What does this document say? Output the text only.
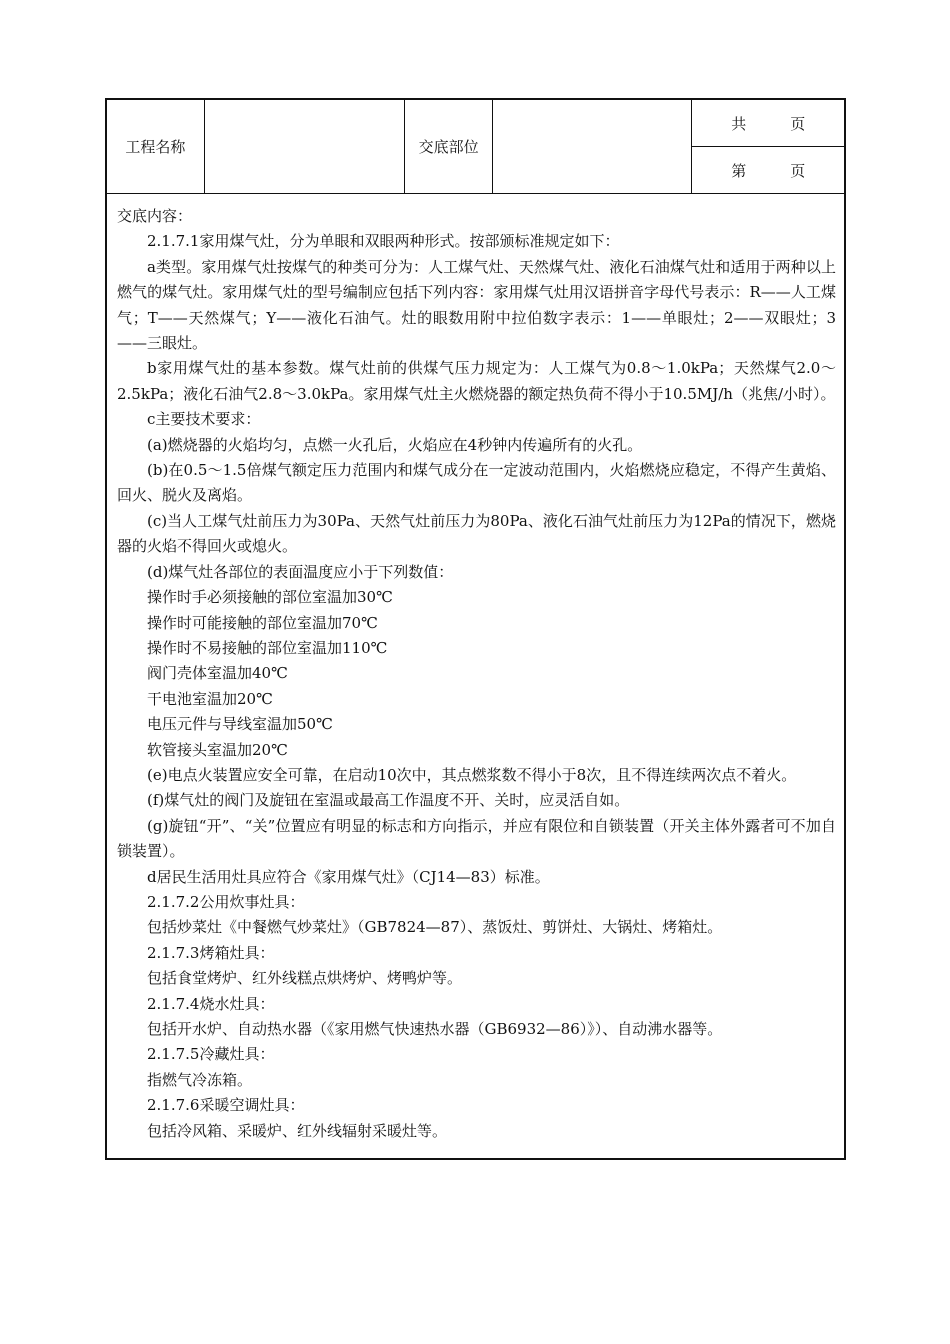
工程名称	交底部位
共	页
第	页
交底内容：
2.1.7.1家用煤气灶，分为单眼和双眼两种形式。按部颁标准规定如下：
a类型。家用煤气灶按煤气的种类可分为：人工煤气灶、天然煤气灶、液化石油煤气灶和适用于两种以上燃气的煤气灶。家用煤气灶的型号编制应包括下列内容：家用煤气灶用汉语拼音字母代号表示：R——人工煤气；T——天然煤气；Y——液化石油气。灶的眼数用附中拉伯数字表示：1——单眼灶；2——双眼灶；3——三眼灶。
b家用煤气灶的基本参数。煤气灶前的供煤气压力规定为：人工煤气为0.8～1.0kPa；天然煤气2.0～2.5kPa；液化石油气2.8～3.0kPa。家用煤气灶主火燃烧器的额定热负荷不得小于10.5MJ/h（兆焦/小时）。
c主要技术要求：
(a)燃烧器的火焰均匀，点燃一火孔后，火焰应在4秒钟内传遍所有的火孔。
(b)在0.5～1.5倍煤气额定压力范围内和煤气成分在一定波动范围内，火焰燃烧应稳定，不得产生黄焰、回火、脱火及离焰。
(c)当人工煤气灶前压力为30Pa、天然气灶前压力为80Pa、液化石油气灶前压力为12Pa的情况下，燃烧器的火焰不得回火或熄火。
(d)煤气灶各部位的表面温度应小于下列数值：
操作时手必须接触的部位室温加30℃
操作时可能接触的部位室温加70℃
操作时不易接触的部位室温加110℃
阀门壳体室温加40℃
干电池室温加20℃
电压元件与导线室温加50℃
软管接头室温加20℃
(e)电点火装置应安全可靠，在启动10次中，其点燃浆数不得小于8次，且不得连续两次点不着火。
(f)煤气灶的阀门及旋钮在室温或最高工作温度不开、关时，应灵活自如。
(g)旋钮“开”、“关”位置应有明显的标志和方向指示，并应有限位和自锁装置（开关主体外露者可不加自锁装置）。
d居民生活用灶具应符合《家用煤气灶》（CJ14—83）标准。
2.1.7.2公用炊事灶具：
包括炒菜灶《中餐燃气炒菜灶》（GB7824—87）、蒸饭灶、剪饼灶、大锅灶、烤箱灶。
2.1.7.3烤箱灶具：
包括食堂烤炉、红外线糕点烘烤炉、烤鸭炉等。
2.1.7.4烧水灶具：
包括开水炉、自动热水器（《家用燃气快速热水器（GB6932—86）》）、自动沸水器等。
2.1.7.5冷藏灶具：
指燃气冷冻箱。
2.1.7.6采暖空调灶具：
包括冷风箱、采暖炉、红外线辐射采暖灶等。
